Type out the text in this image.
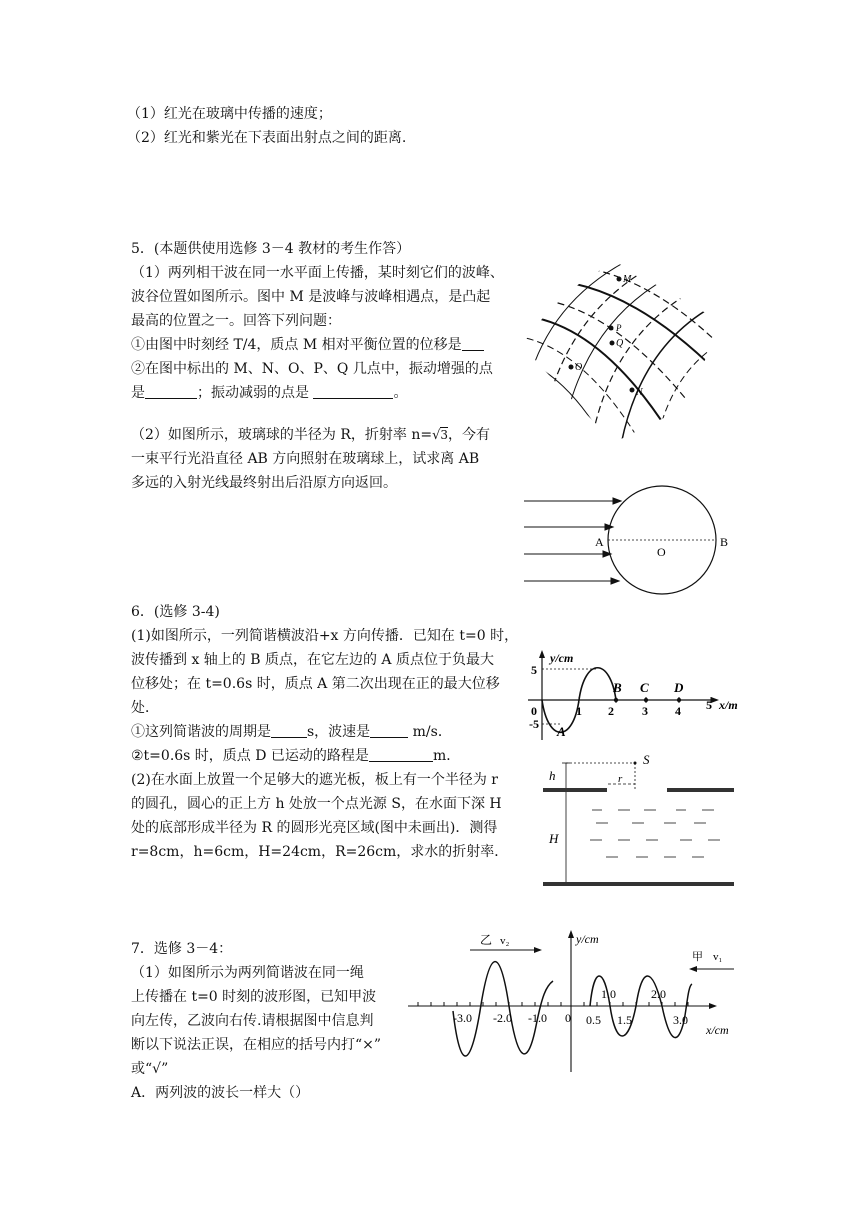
（1）红光在玻璃中传播的速度；
（2）红光和紫光在下表面出射点之间的距离.
5．(本题供使用选修 3－4 教材的考生作答）
（1）两列相干波在同一水平面上传播，某时刻它们的波峰、
波谷位置如图所示。图中 M 是波峰与波峰相遇点，是凸起
最高的位置之一。回答下列问题：
①由图中时刻经 T/4，质点 M 相对平衡位置的位移是
②在图中标出的 M、N、O、P、Q 几点中，振动增强的点
是	；振动减弱的点是	。
（2）如图所示，玻璃球的半径为 R，折射率 n=√3，今有
一束平行光沿直径 AB 方向照射在玻璃球上，试求离 AB
多远的入射光线最终射出后沿原方向返回。
M
P
Q
O
N
A
O
B
6．(选修 3-4)
(1)如图所示，一列简谐横波沿+x 方向传播．已知在 t=0 时，
波传播到 x 轴上的 B 质点，在它左边的 A 质点位于负最大
位移处；在 t=0.6s 时，质点 A 第二次出现在正的最大位移
处．
①这列简谐波的周期是	s，波速是	m/s．
②t=0.6s 时，质点 D 已运动的路程是	m．
(2)在水面上放置一个足够大的遮光板，板上有一个半径为 r
的圆孔，圆心的正上方 h 处放一个点光源 S，在水面下深 H
处的底部形成半径为 R 的圆形光亮区域(图中未画出)．测得
r=8cm，h=6cm，H=24cm，R=26cm，求水的折射率．
y/cm
5
-5
0	1 2 3 4 5 x/m
A
B C D
S
h	r
H
7．选修 3－4：
（1）如图所示为两列简谐波在同一绳
上传播在 t=0 时刻的波形图，已知甲波
向左传，乙波向右传.请根据图中信息判
断以下说法正误，在相应的括号内打“×”
或“√”
A．两列波的波长一样大（）
乙 v₂
甲 v₁
y/cm
x/cm
-3.0 -2.0 -1.0 0 0.5 1.5	3.0
1.0	2.0
